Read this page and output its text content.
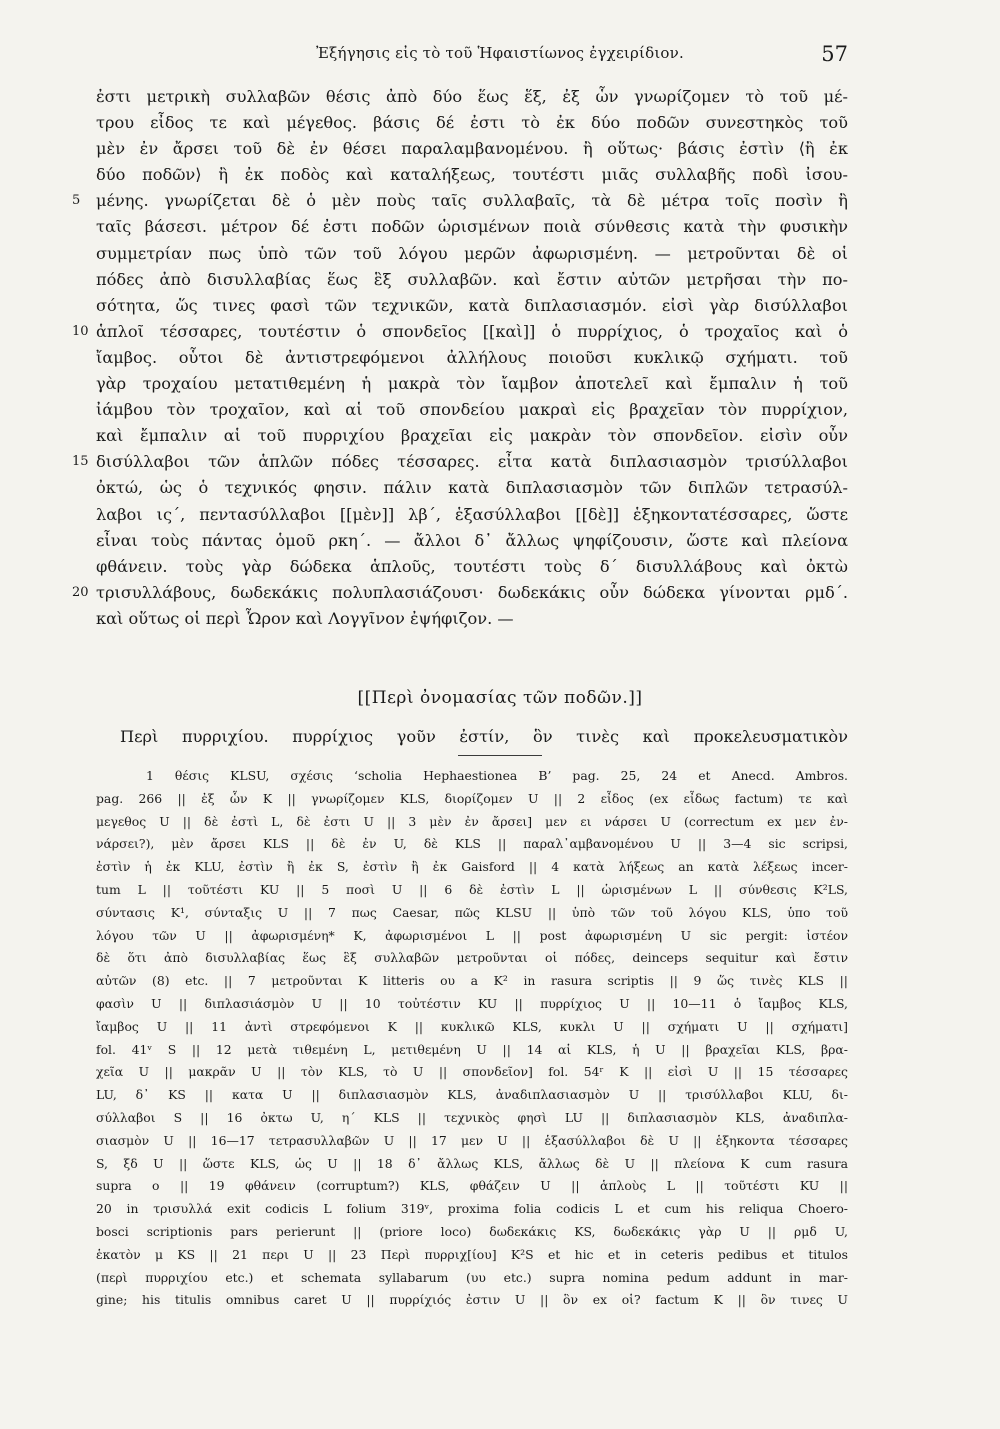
Ἐξήγησις εἰς τὸ τοῦ Ἡφαιστίωνος ἐγχειρίδιον.	57
ἐστι μετρικὴ συλλαβῶν θέσις ἀπὸ δύο ἕως ἕξ, ἐξ ὧν γνωρίζομεν τὸ τοῦ μέ-
τρου εἶδος τε καὶ μέγεθος. βάσις δέ ἐστι τὸ ἐκ δύο ποδῶν συνεστηκὸς τοῦ
μὲν ἐν ἄρσει τοῦ δὲ ἐν θέσει παραλαμβανομένου. ἢ οὕτως· βάσις ἐστὶν ⟨ἢ ἐκ
δύο ποδῶν⟩ ἢ ἐκ ποδὸς καὶ καταλήξεως, τουτέστι μιᾶς συλλαβῆς ποδὶ ἰσου-
5 μένης. γνωρίζεται δὲ ὁ μὲν ποὺς ταῖς συλλαβαῖς, τὰ δὲ μέτρα τοῖς ποσὶν ἢ
ταῖς βάσεσι. μέτρον δέ ἐστι ποδῶν ὡρισμένων ποιὰ σύνθεσις κατὰ τὴν φυσικὴν
συμμετρίαν πως ὑπὸ τῶν τοῦ λόγου μερῶν ἀφωρισμένη. — μετροῦνται δὲ οἱ
πόδες ἀπὸ δισυλλαβίας ἕως ἓξ συλλαβῶν. καὶ ἔστιν αὐτῶν μετρῆσαι τὴν πο-
σότητα, ὥς τινες φασὶ τῶν τεχνικῶν, κατὰ διπλασιασμόν. εἰσὶ γὰρ δισύλλαβοι
10 ἁπλοῖ τέσσαρες, τουτέστιν ὁ σπονδεῖος [[καὶ]] ὁ πυρρίχιος, ὁ τροχαῖος καὶ ὁ
ἴαμβος. οὗτοι δὲ ἀντιστρεφόμενοι ἀλλήλους ποιοῦσι κυκλικῷ σχήματι. τοῦ
γὰρ τροχαίου μετατιθεμένη ἡ μακρὰ τὸν ἴαμβον ἀποτελεῖ καὶ ἔμπαλιν ἡ τοῦ
ἰάμβου τὸν τροχαῖον, καὶ αἱ τοῦ σπονδείου μακραὶ εἰς βραχεῖαν τὸν πυρρίχιον,
καὶ ἔμπαλιν αἱ τοῦ πυρριχίου βραχεῖαι εἰς μακρὰν τὸν σπονδεῖον. εἰσὶν οὖν
15 δισύλλαβοι τῶν ἁπλῶν πόδες τέσσαρες. εἶτα κατὰ διπλασιασμὸν τρισύλλαβοι
ὀκτώ, ὡς ὁ τεχνικός φησιν. πάλιν κατὰ διπλασιασμὸν τῶν διπλῶν τετρασύλ-
λαβοι ις´, πεντασύλλαβοι [[μὲν]] λβ´, ἑξασύλλαβοι [[δὲ]] ἑξηκοντατέσσαρες, ὥστε
εἶναι τοὺς πάντας ὁμοῦ ρκη´. — ἄλλοι δ᾽ ἄλλως ψηφίζουσιν, ὥστε καὶ πλείονα
φθάνειν. τοὺς γὰρ δώδεκα ἁπλοῦς, τουτέστι τοὺς δ´ δισυλλάβους καὶ ὀκτὼ
20 τρισυλλάβους, δωδεκάκις πολυπλασιάζουσι· δωδεκάκις οὖν δώδεκα γίνονται ρμδ´.
καὶ οὕτως οἱ περὶ Ὧρον καὶ Λογγῖνον ἐψήφιζον. —
[[Περὶ ὀνομασίας τῶν ποδῶν.]]
Περὶ πυρριχίου. πυρρίχιος γοῦν ἐστίν, ὃν τινὲς καὶ προκελευσματικὸν
1 θέσις KLSU, σχέσις ‘scholia Hephaestionea B’ pag. 25, 24 et Anecd. Ambros.
pag. 266 || ἐξ ὧν K || γνωρίζομεν KLS, διορίζομεν U || 2 εἶδος (ex εἶδως factum) τε καὶ
μεγεθος U || δὲ ἐστὶ L, δὲ ἐστι U || 3 μὲν ἐν ἄρσει] μεν ει νάρσει U (correctum ex μεν ἐν-
νάρσει?), μὲν ἄρσει KLS || δὲ ἐν U, δὲ KLS || παραλ᾽αμβανομένου U || 3—4 sic scripsi,
ἐστὶν ἡ ἐκ KLU, ἐστὶν ἢ ἐκ S, ἐστὶν ἢ ἐκ Gaisford || 4 κατὰ λήξεως an κατὰ λέξεως incer-
tum L || τοῦτέστι KU || 5 ποσὶ U || 6 δὲ ἐστὶν L || ὡρισμένων L || σύνθεσις K²LS,
σύντασις K¹, σύνταξις U || 7 πως Caesar, πῶς KLSU || ὑπὸ τῶν τοῦ λόγου KLS, ὑπο τοῦ
λόγου τῶν U || ἀφωρισμένη* K, ἀφωρισμένοι L || post ἀφωρισμένη U sic pergit: ἰστέον
δὲ ὅτι ἀπὸ δισυλλαβίας ἕως ἓξ συλλαβῶν μετροῦνται οἱ πόδες, deinceps sequitur καὶ ἔστιν
αὐτῶν (8) etc. || 7 μετροῦνται K litteris ου a K² in rasura scriptis || 9 ὥς τινὲς KLS ||
φασὶν U || διπλασιάσμὸν U || 10 τοὐτέστιν KU || πυρρίχιος U || 10—11 ὁ ἴαμβος KLS,
ἴαμβος U || 11 ἀντὶ στρεφόμενοι K || κυκλικῶ KLS, κυκλι U || σχήματι U || σχήματι]
fol. 41ᵛ S || 12 μετὰ τιθεμένη L, μετιθεμένη U || 14 αἱ KLS, ἡ U || βραχεῖαι KLS, βρα-
χεῖα U || μακρᾶν U || τὸν KLS, τὸ U || σπονδεῖον] fol. 54ʳ K || εἰσὶ U || 15 τέσσαρες
LU, δ᾽ KS || κατα U || διπλασιασμὸν KLS, ἀναδιπλασιασμὸν U || τρισύλλαβοι KLU, δι-
σύλλαβοι S || 16 ὀκτω U, η´ KLS || τεχνικὸς φησὶ LU || διπλασιασμὸν KLS, ἀναδιπλα-
σιασμὸν U || 16—17 τετρασυλλαβῶν U || 17 μεν U || ἑξασύλλαβοι δὲ U || ἑξηκοντα τέσσαρες
S, ξδ U || ὥστε KLS, ὡς U || 18 δ᾽ ἄλλως KLS, ἄλλως δὲ U || πλείονα K cum rasura
supra ο || 19 φθάνειν (corruptum?) KLS, φθάζειν U || ἁπλοὺς L || τοῦτέστι KU ||
20 in τρισυλλά exit codicis L folium 319ᵛ, proxima folia codicis L et cum his reliqua Choero-
bosci scriptionis pars perierunt || (priore loco) δωδεκάκις KS, δωδεκάκις γὰρ U || ρμδ U,
ἑκατὸν μ KS || 21 περι U || 23 Περὶ πυρριχ[ίου] K²S et hic et in ceteris pedibus et titulos
(περὶ πυρριχίου etc.) et schemata syllabarum (υυ etc.) supra nomina pedum addunt in mar-
gine; his titulis omnibus caret U || πυρρίχιός ἐστιν U || ὃν ex οἱ? factum K || ὃν τινες U
